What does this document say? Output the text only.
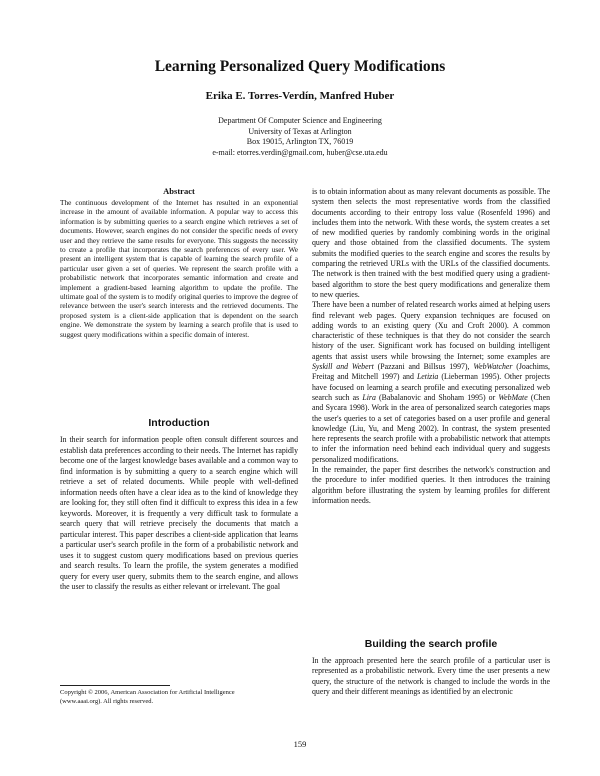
Learning Personalized Query Modifications
Erika E. Torres-Verdín, Manfred Huber
Department Of Computer Science and Engineering
University of Texas at Arlington
Box 19015, Arlington TX, 76019
e-mail: etorres.verdin@gmail.com, huber@cse.uta.edu
Abstract
The continuous development of the Internet has resulted in an exponential increase in the amount of available information. A popular way to access this information is by submitting queries to a search engine which retrieves a set of documents. However, search engines do not consider the specific needs of every user and they retrieve the same results for everyone. This suggests the necessity to create a profile that incorporates the search preferences of every user. We present an intelligent system that is capable of learning the search profile of a particular user given a set of queries. We represent the search profile with a probabilistic network that incorporates semantic information and create and implement a gradient-based learning algorithm to update the profile. The ultimate goal of the system is to modify original queries to improve the degree of relevance between the user's search interests and the retrieved documents. The proposed system is a client-side application that is dependent on the search engine. We demonstrate the system by learning a search profile that is used to suggest query modifications within a specific domain of interest.
Introduction
In their search for information people often consult different sources and establish data preferences according to their needs. The Internet has rapidly become one of the largest knowledge bases available and a common way to find information is by submitting a query to a search engine which will retrieve a set of related documents. While people with well-defined information needs often have a clear idea as to the kind of knowledge they are looking for, they still often find it difficult to express this idea in a few keywords. Moreover, it is frequently a very difficult task to formulate a search query that will retrieve precisely the documents that match a particular interest. This paper describes a client-side application that learns a particular user's search profile in the form of a probabilistic network and uses it to suggest custom query modifications based on previous queries and search results. To learn the profile, the system generates a modified query for every user query, submits them to the search engine, and allows the user to classify the results as either relevant or irrelevant. The goal
Copyright © 2006, American Association for Artificial Intelligence
(www.aaai.org). All rights reserved.

is to obtain information about as many relevant documents as possible. The system then selects the most representative words from the classified documents according to their entropy loss value (Rosenfeld 1996) and includes them into the network. With these words, the system creates a set of new modified queries by randomly combining words in the original query and those obtained from the classified documents. The system submits the modified queries to the search engine and scores the results by comparing the retrieved URLs with the URLs of the classified documents. The network is then trained with the best modified query using a gradient-based algorithm to store the best query modifications and generalize them to new queries.

There have been a number of related research works aimed at helping users find relevant web pages. Query expansion techniques are focused on adding words to an existing query (Xu and Croft 2000). A common characteristic of these techniques is that they do not consider the search history of the user. Significant work has focused on building intelligent agents that assist users while browsing the Internet; some examples are Syskill and Webert (Pazzani and Billsus 1997), WebWatcher (Joachims, Freitag and Mitchell 1997) and Letizia (Lieberman 1995). Other projects have focused on learning a search profile and executing personalized web search such as Lira (Babalanovic and Shoham 1995) or WebMate (Chen and Sycara 1998). Work in the area of personalized search categories maps the user's queries to a set of categories based on a user profile and general knowledge (Liu, Yu, and Meng 2002). In contrast, the system presented here represents the search profile with a probabilistic network that attempts to infer the information need behind each individual query and suggests personalized modifications.

In the remainder, the paper first describes the network's construction and the procedure to infer modified queries. It then introduces the training algorithm before illustrating the system by learning profiles for different information needs.

Building the search profile
In the approach presented here the search profile of a particular user is represented as a probabilistic network. Every time the user presents a new query, the structure of the network is changed to include the words in the query and their different meanings as identified by an electronic
159
